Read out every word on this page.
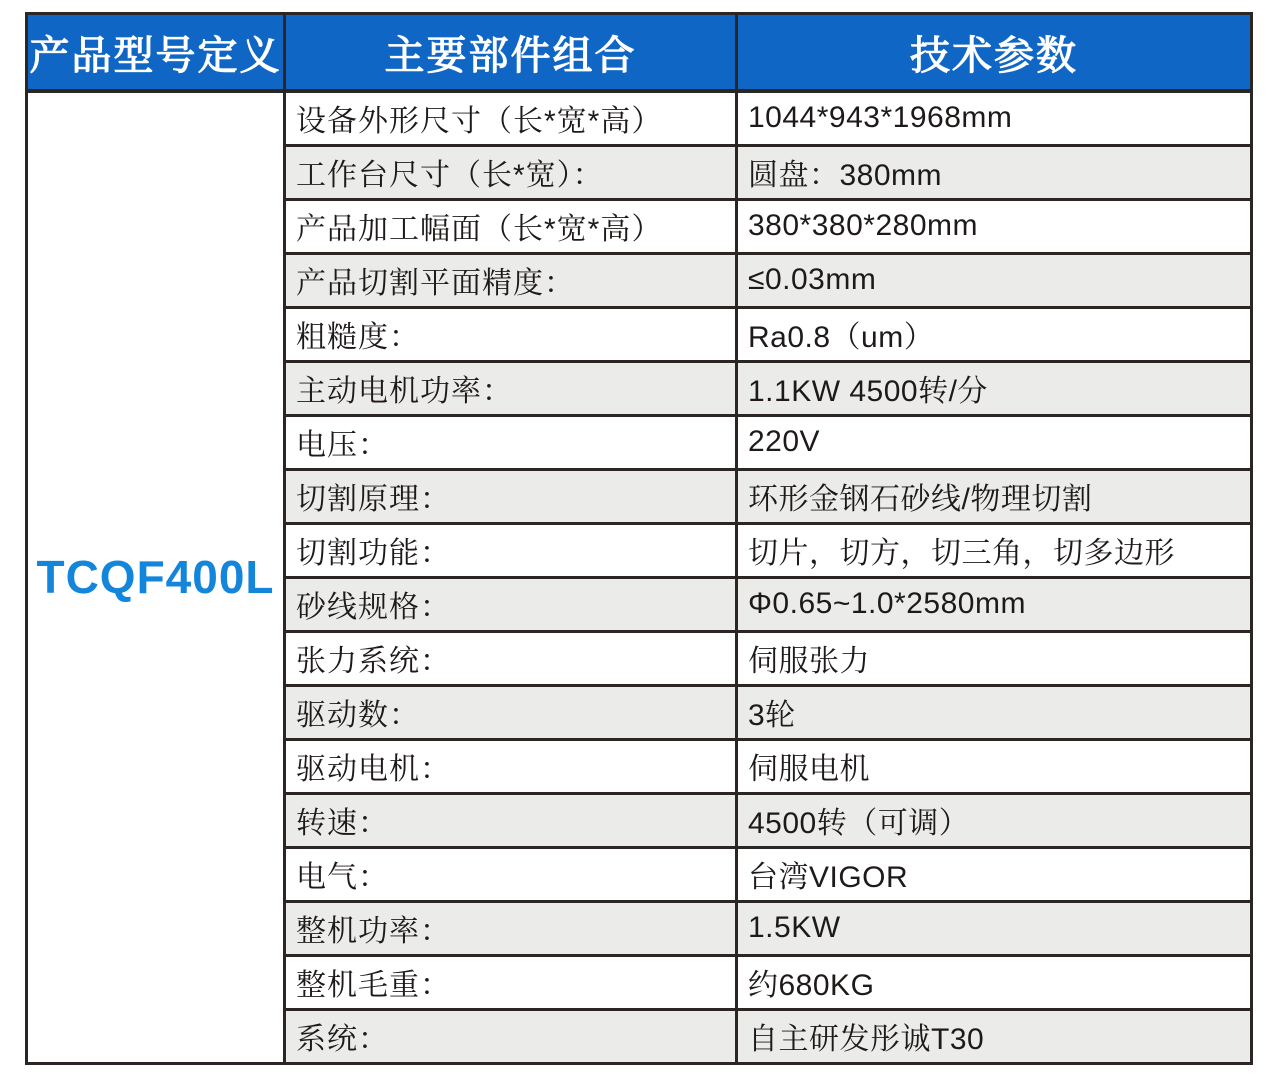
产品型号定义	主要部件组合	技术参数
TCQF400L	设备外形尺寸（长*宽*高）	1044*943*1968mm
	工作台尺寸（长*宽）：	圆盘：380mm
	产品加工幅面（长*宽*高）	380*380*280mm
	产品切割平面精度：	≤0.03mm
	粗糙度：	Ra0.8（um）
	主动电机功率：	1.1KW 4500转/分
	电压：	220V
	切割原理：	环形金钢石砂线/物理切割
	切割功能：	切片，切方，切三角，切多边形
	砂线规格：	Φ0.65~1.0*2580mm
	张力系统：	伺服张力
	驱动数：	3轮
	驱动电机：	伺服电机
	转速：	4500转（可调）
	电气：	台湾VIGOR
	整机功率：	1.5KW
	整机毛重：	约680KG
	系统：	自主研发彤诚T30
